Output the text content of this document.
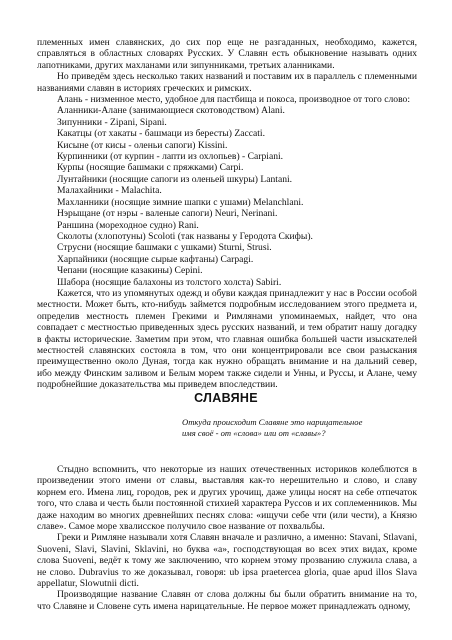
племенных имен славянских, до сих пор еще не разгаданных, необходимо, кажется, справляться в областных словарях Русских. У Славян есть обыкновение называть одних лапотниками, других махланами или зипунниками, третьих аланниками.

Но приведём здесь несколько таких названий и поставим их в параллель с племенными названиями славян в историях греческих и римских.

Алань - низменное место, удобное для пастбища и покоса, производное от того слово:

Аланники-Алане (занимающиеся скотоводством) Alani.

Зипунники - Zipani, Sipani.

Какатцы (от хакаты - башмаци из бересты) Zaccati.

Кисыне (от кисы - оленьи сапоги) Kissini.

Курпинники (от курпин - лапти из охлопьев) - Carpiani.

Курпы (носящие башмаки с пряжками) Carpi.

Лунтайники (носящие сапоги из оленьей шкуры) Lantani.

Малахайники - Malachita.

Махланники (носящие зимние шапки с ушами) Melanchlani.

Нэрыщане (от нэры - валеные сапоги) Neuri, Nerinani.

Раншина (мореходное судно) Rani.

Сколоты (хлопотуны) Scoloti (так названы у Геродота Скифы).

Струсни (носящие башмаки с ушками) Sturni, Strusi.

Харпайники (носящие сырые кафтаны) Carpagi.

Чепани (носящие казакины) Cepini.

Шабора (носящие балахоны из толстого холста) Sabiri.

Кажется, что из упомянутых одежд и обуви каждая принадлежит у нас в России особой местности. Может быть, кто-нибудь займется подробным исследованием этого предмета и, определив местность племен Грекими и Римлянами упоминаемых, найдет, что она совпадает с местностью приведенных здесь русских названий, и тем обратит нашу догадку в факты исторические. Заметим при этом, что главная ошибка большей части изыскателей местностей славянских состояла в том, что они концентрировали все свои разыскания преимущественно около Дуная, тогда как нужно обращать внимание и на дальний север, ибо между Финским заливом и Белым морем также сидели и Унны, и Руссы, и Алане, чему подробнейшие доказательства мы приведем впоследствии.

СЛАВЯНЕ
Откуда происходит Славяне это нарицательное
имя своё - от «слова» или от «славы»?

Стыдно вспомнить, что некоторые из наших отечественных историков колеблются в произведении этого имени от славы, выставляя как-то нерешительно и слово, и славу корнем его. Имена лиц, городов, рек и других урочищ, даже улицы носят на себе отпечаток того, что слава и честь были постоянной стихией характера Руссов и их соплеменников. Мы даже находим во многих древнейших песнях слова: «ищучи себе чти (или чести), а Князю славе». Самое море хвалисское получило свое название от похвальбы.

Греки и Римляне называли хотя Славян вначале и различно, а именно: Stavani, Stlavani, Suoveni, Slavi, Slavini, Sklavini, но буква «а», господствующая во всех этих видах, кроме слова Suoveni, ведёт к тому же заключению, что корнем этому прозванию служила слава, а не слово. Dubravius то же доказывал, говоря: ub ipsa praetercea gloria, quae apud illos Slava appellatur, Slowutnii dicti.

Производящие название Славян от слова должны бы были обратить внимание на то, что Славяне и Словене суть имена нарицательные. Не первое может принадлежать одному,
